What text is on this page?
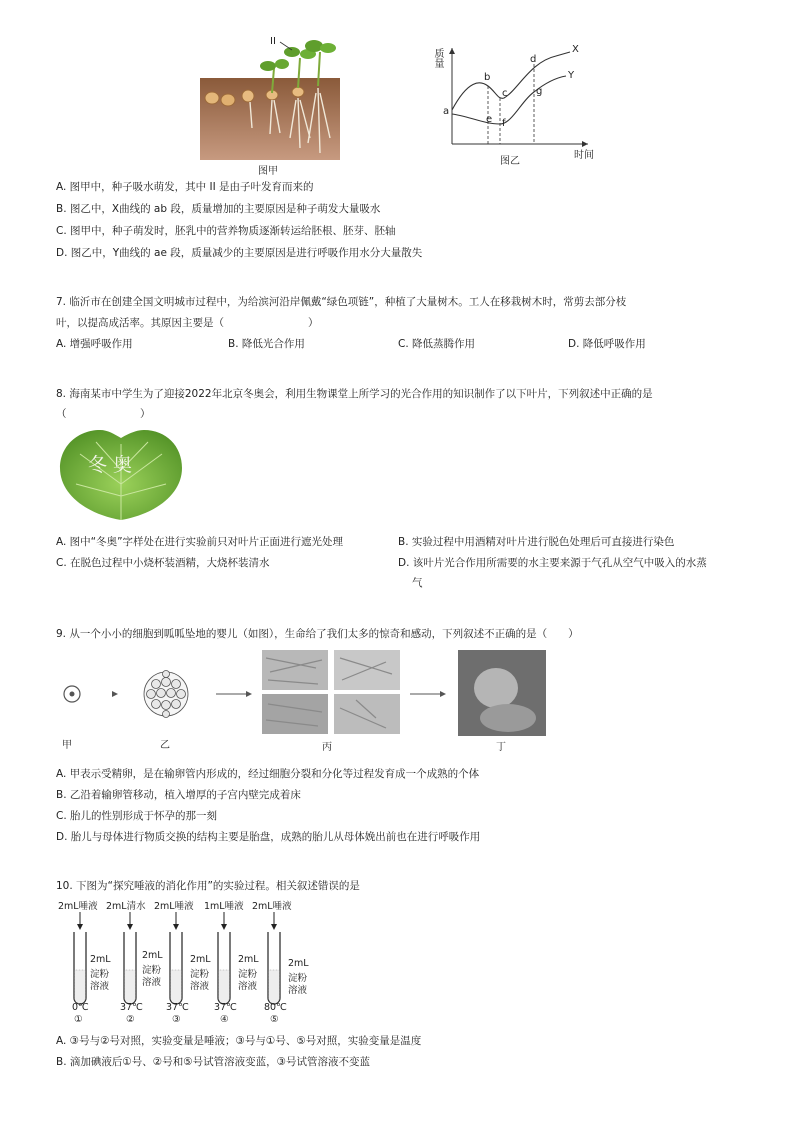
II
图甲
质量
时间
a
b
c
d
e f
g
X
Y
图乙
A. 图甲中，种子吸水萌发，其中 II 是由子叶发育而来的
B. 图乙中，X曲线的 ab 段，质量增加的主要原因是种子萌发大量吸水
C. 图甲中，种子萌发时，胚乳中的营养物质逐渐转运给胚根、胚芽、胚轴
D. 图乙中，Y曲线的 ae 段，质量减少的主要原因是进行呼吸作用水分大量散失
7. 临沂市在创建全国文明城市过程中，为给滨河沿岸佩戴“绿色项链”，种植了大量树木。工人在移栽树木时，常剪去部分枝
叶，以提高成活率。其原因主要是（　　　　　　　　）
A. 增强呼吸作用	B. 降低光合作用	C. 降低蒸腾作用	D. 降低呼吸作用
8. 海南某市中学生为了迎接2022年北京冬奥会，利用生物课堂上所学习的光合作用的知识制作了以下叶片，下列叙述中正确的是
（　　　　　　　）
冬 奥
A. 图中“冬奥”字样处在进行实验前只对叶片正面进行遮光处理	B. 实验过程中用酒精对叶片进行脱色处理后可直接进行染色
C. 在脱色过程中小烧杯装酒精，大烧杯装清水	D. 该叶片光合作用所需要的水主要来源于气孔从空气中吸入的水蒸
气
9. 从一个小小的细胞到呱呱坠地的婴儿（如图），生命给了我们太多的惊奇和感动，下列叙述不正确的是（　　）
甲	乙	丙	丁
A. 甲表示受精卵，是在输卵管内形成的，经过细胞分裂和分化等过程发育成一个成熟的个体
B. 乙沿着输卵管移动，植入增厚的子宫内壁完成着床
C. 胎儿的性别形成于怀孕的那一刻
D. 胎儿与母体进行物质交换的结构主要是胎盘，成熟的胎儿从母体娩出前也在进行呼吸作用
10. 下图为“探究唾液的消化作用”的实验过程。相关叙述错误的是
2mL唾液
2mL
淀粉
溶液
0℃
①
2mL清水
2mL
淀粉
溶液
37℃
②
2mL唾液
2mL
淀粉
溶液
37℃
③
1mL唾液
2mL
淀粉
溶液
37℃
④
2mL唾液
2mL
淀粉
溶液
80℃
⑤
A. ③号与②号对照，实验变量是唾液；③号与①号、⑤号对照，实验变量是温度
B. 滴加碘液后①号、②号和⑤号试管溶液变蓝，③号试管溶液不变蓝
